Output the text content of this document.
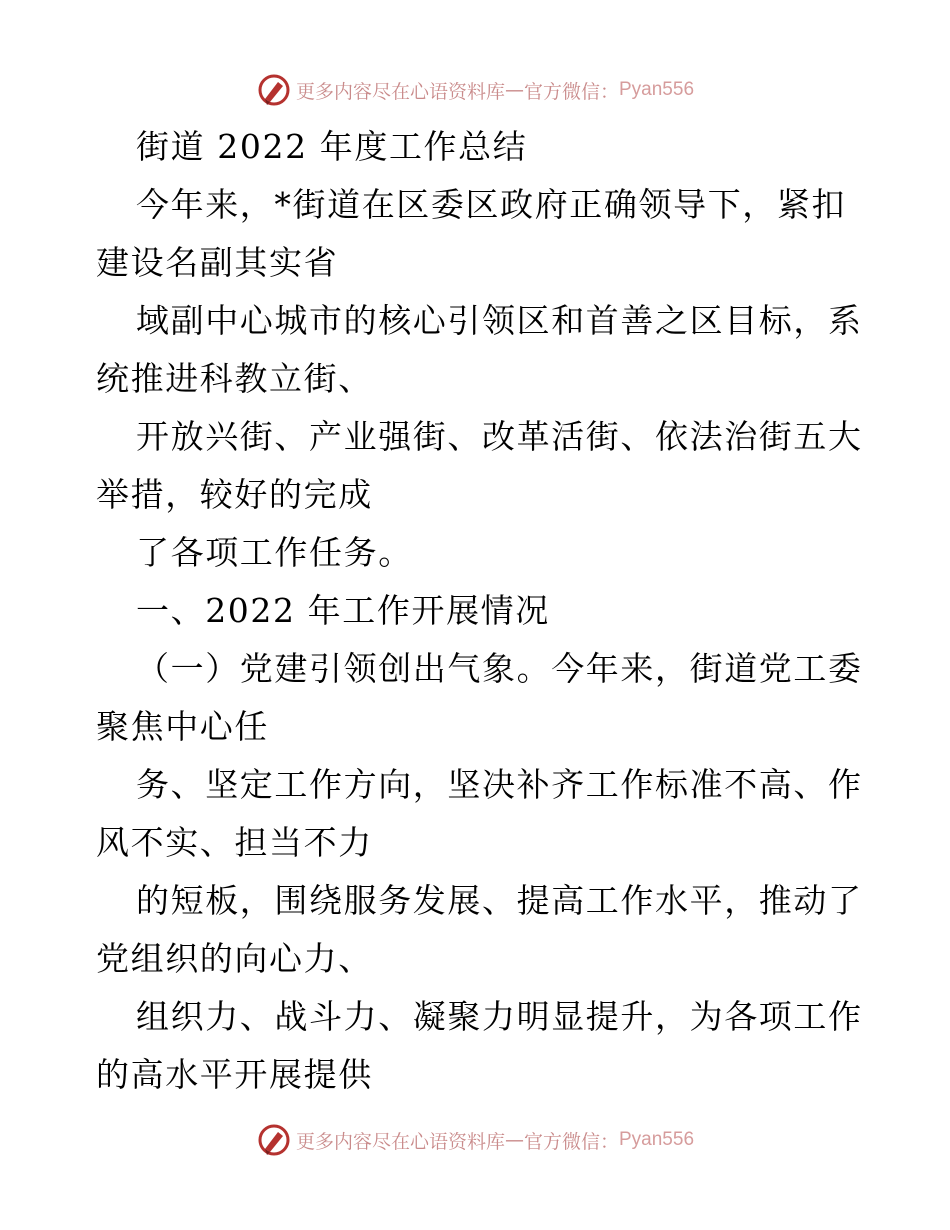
更多内容尽在心语资料库 — 官方微信： Pyan556
街道 2022 年度工作总结
今年来，*街道在区委区政府正确领导下，紧扣
建设名副其实省
域副中心城市的核心引领区和首善之区目标，系
统推进科教立街、
开放兴街、产业强街、改革活街、依法治街五大
举措，较好的完成
了各项工作任务。
一、2022 年工作开展情况
（一）党建引领创出气象。今年来，街道党工委
聚焦中心任
务、坚定工作方向，坚决补齐工作标准不高、作
风不实、担当不力
的短板，围绕服务发展、提高工作水平，推动了
党组织的向心力、
组织力、战斗力、凝聚力明显提升，为各项工作
的高水平开展提供
更多内容尽在心语资料库 — 官方微信： Pyan556
